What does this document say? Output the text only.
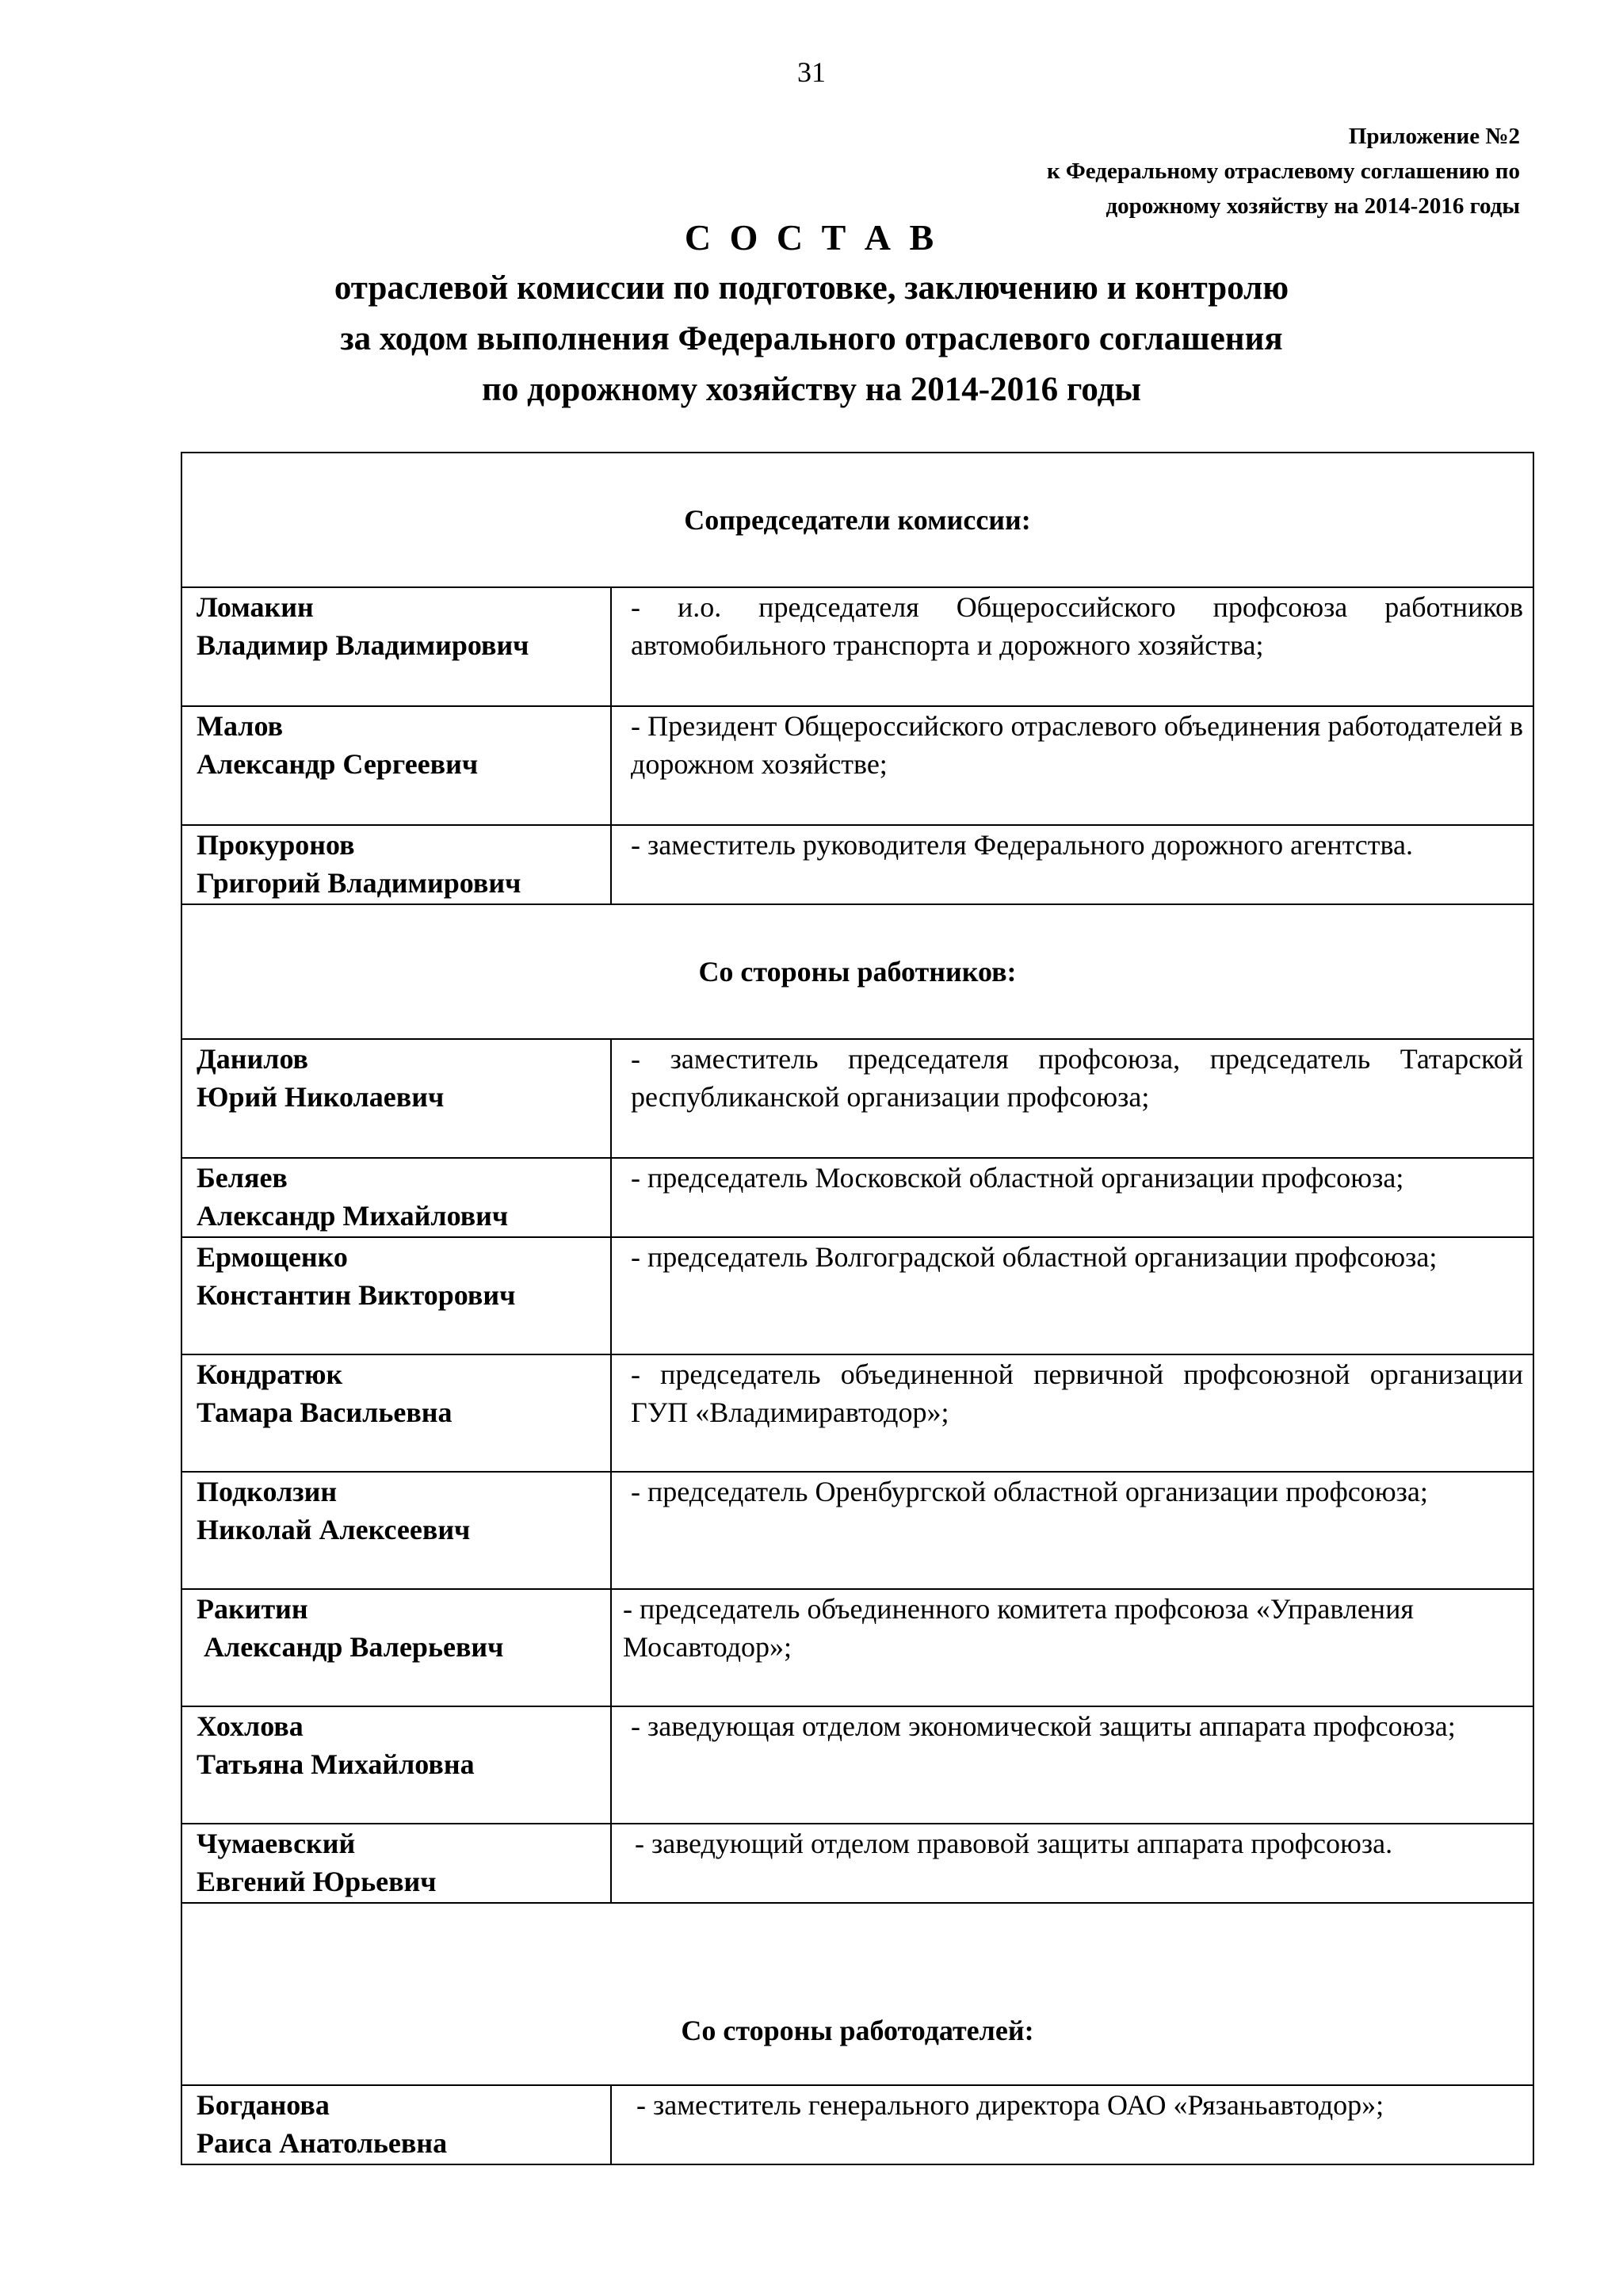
31
Приложение №2
к Федеральному отраслевому соглашению по
дорожному хозяйству на 2014-2016 годы
С О С Т А В
отраслевой комиссии по подготовке, заключению и контролю
за ходом выполнения Федерального отраслевого соглашения
по дорожному хозяйству на 2014-2016 годы
Сопредседатели комиссии:	

Ломакин
Владимир Владимирович	- и.о. председателя Общероссийского профсоюза работников автомобильного транспорта и дорожного хозяйства;

Малов
Александр Сергеевич	- Президент Общероссийского отраслевого объединения работодателей в дорожном хозяйстве;

Прокуронов
Григорий Владимирович	- заместитель руководителя Федерального дорожного агентства.
Со стороны работников:	

Данилов
Юрий Николаевич	- заместитель председателя профсоюза, председатель Татарской республиканской организации профсоюза;

Беляев
Александр Михайлович	- председатель Московской областной организации профсоюза;

Ермощенко
Константин Викторович	- председатель Волгоградской областной организации профсоюза;

Кондратюк
Тамара Васильевна	- председатель объединенной первичной профсоюзной организации ГУП «Владимиравтодор»;

Подколзин
Николай Алексеевич	- председатель Оренбургской областной организации профсоюза;

Ракитин
Александр Валерьевич	- председатель объединенного комитета профсоюза «Управления Мосавтодор»;

Хохлова
Татьяна Михайловна	- заведующая отделом экономической защиты аппарата профсоюза;

Чумаевский
Евгений Юрьевич	- заведующий отделом правовой защиты аппарата профсоюза.
Со стороны работодателей:	

Богданова
Раиса Анатольевна	- заместитель генерального директора ОАО «Рязаньавтодор»;
